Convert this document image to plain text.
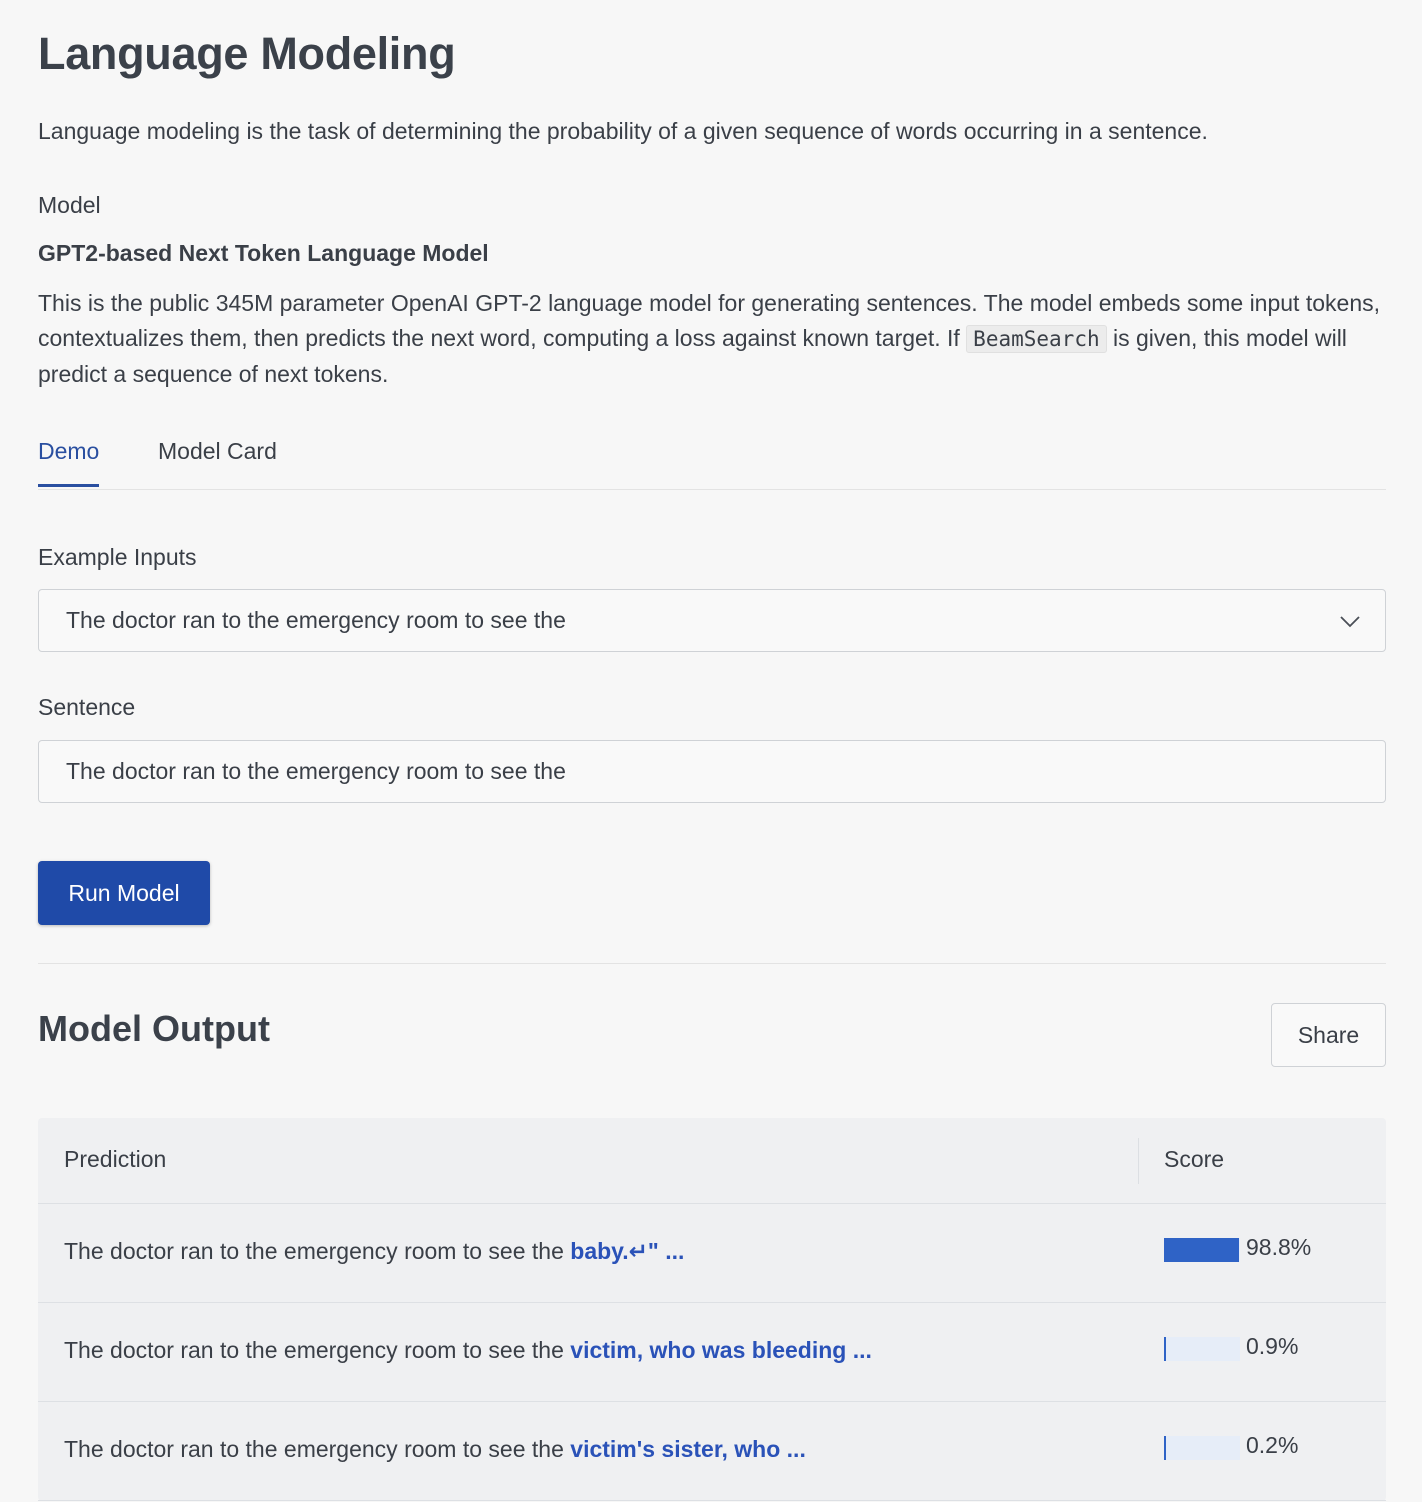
Language Modeling

Language modeling is the task of determining the probability of a given sequence of words occurring in a sentence.

Model
GPT2-based Next Token Language Model

This is the public 345M parameter OpenAI GPT-2 language model for generating sentences. The model embeds some input tokens, contextualizes them, then predicts the next word, computing a loss against known target. If BeamSearch is given, this model will predict a sequence of next tokens.

Demo	Model Card
Example Inputs
The doctor ran to the emergency room to see the
Sentence
The doctor ran to the emergency room to see the
Run Model
Model Output	Share
Prediction	Score
The doctor ran to the emergency room to see the baby.↵" ...	98.8%
The doctor ran to the emergency room to see the victim, who was bleeding ...	0.9%
The doctor ran to the emergency room to see the victim's sister, who ...	0.2%
